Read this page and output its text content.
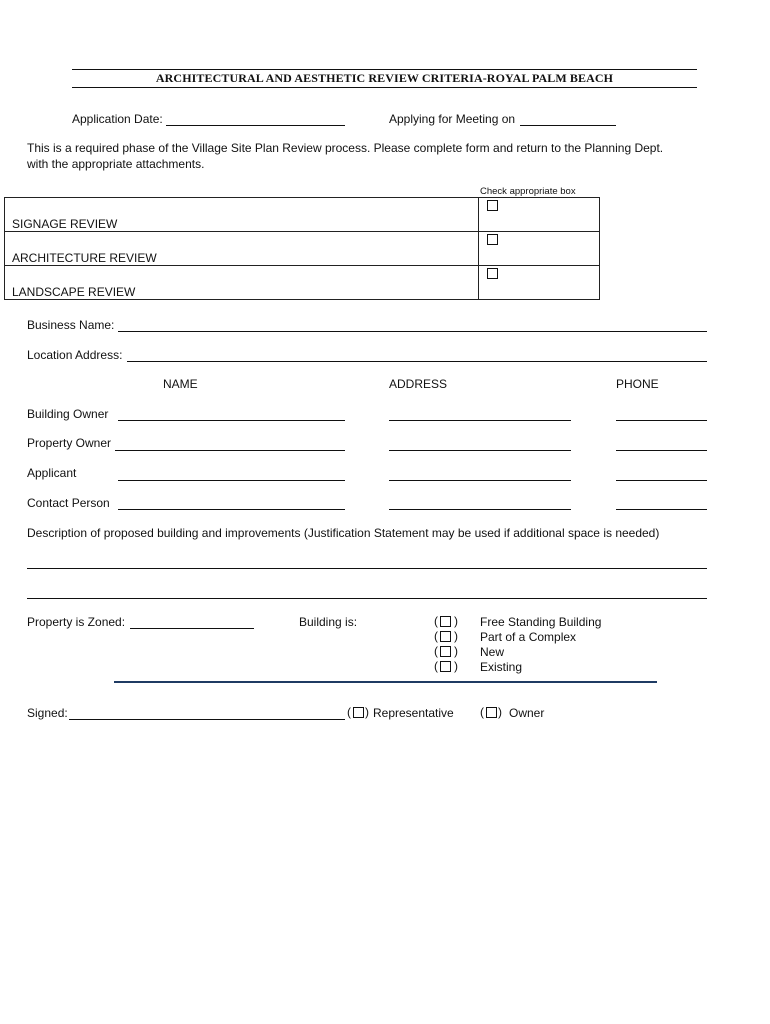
ARCHITECTURAL AND AESTHETIC REVIEW CRITERIA-ROYAL PALM BEACH
Application Date:	Applying for Meeting on
This is a required phase of the Village Site Plan Review process. Please complete form and return to the Planning Dept.
with the appropriate attachments.
Check appropriate box
SIGNAGE REVIEW	

ARCHITECTURE REVIEW	

LANDSCAPE REVIEW	
Business Name:
Location Address:
NAME	ADDRESS	PHONE
Building Owner
Property Owner
Applicant
Contact Person
Description of proposed building and improvements (Justification Statement may be used if additional space is needed)
Property is Zoned:	Building is:	( ) Free Standing Building
( ) Part of a Complex
( ) New
( ) Existing
Signed:	( ) Representative ( ) Owner
